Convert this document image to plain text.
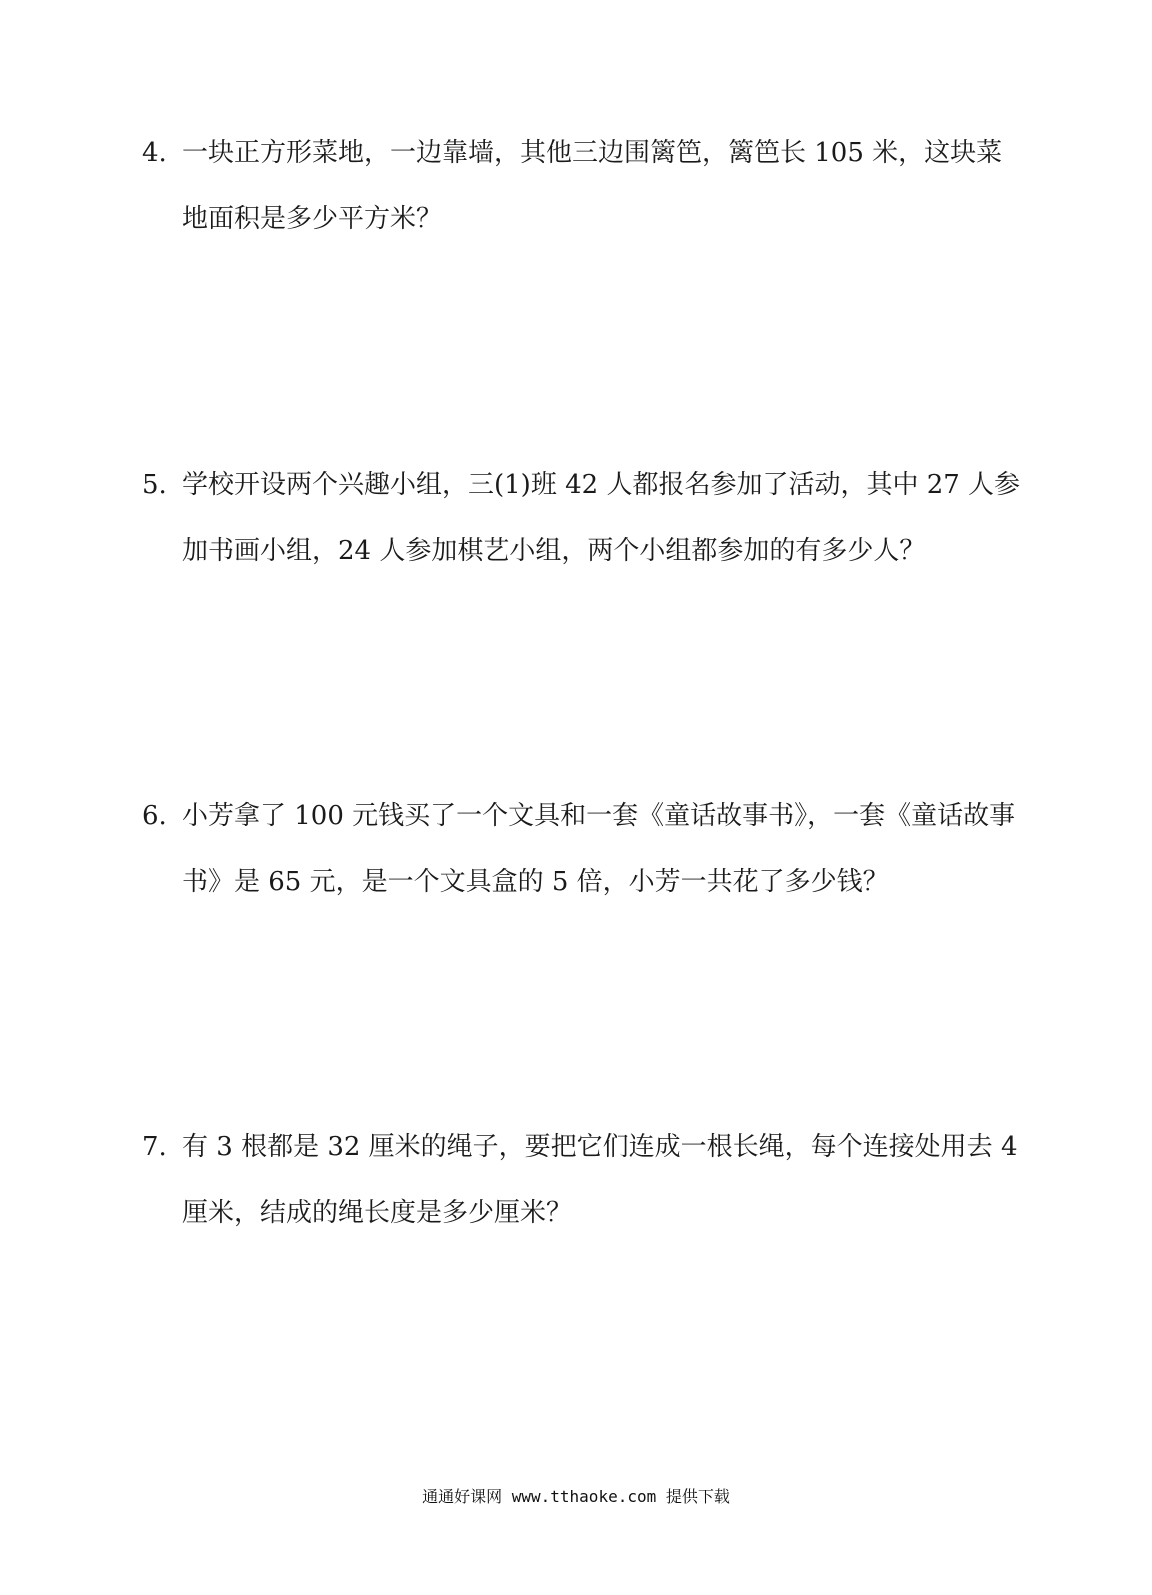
4. 一块正方形菜地，一边靠墙，其他三边围篱笆，篱笆长 105 米，这块菜
地面积是多少平方米？
5. 学校开设两个兴趣小组，三(1)班 42 人都报名参加了活动，其中 27 人参
加书画小组，24 人参加棋艺小组，两个小组都参加的有多少人？
6. 小芳拿了 100 元钱买了一个文具和一套《童话故事书》，一套《童话故事
书》是 65 元，是一个文具盒的 5 倍，小芳一共花了多少钱？
7. 有 3 根都是 32 厘米的绳子，要把它们连成一根长绳，每个连接处用去 4
厘米，结成的绳长度是多少厘米？
通通好课网 www.tthaoke.com 提供下载
